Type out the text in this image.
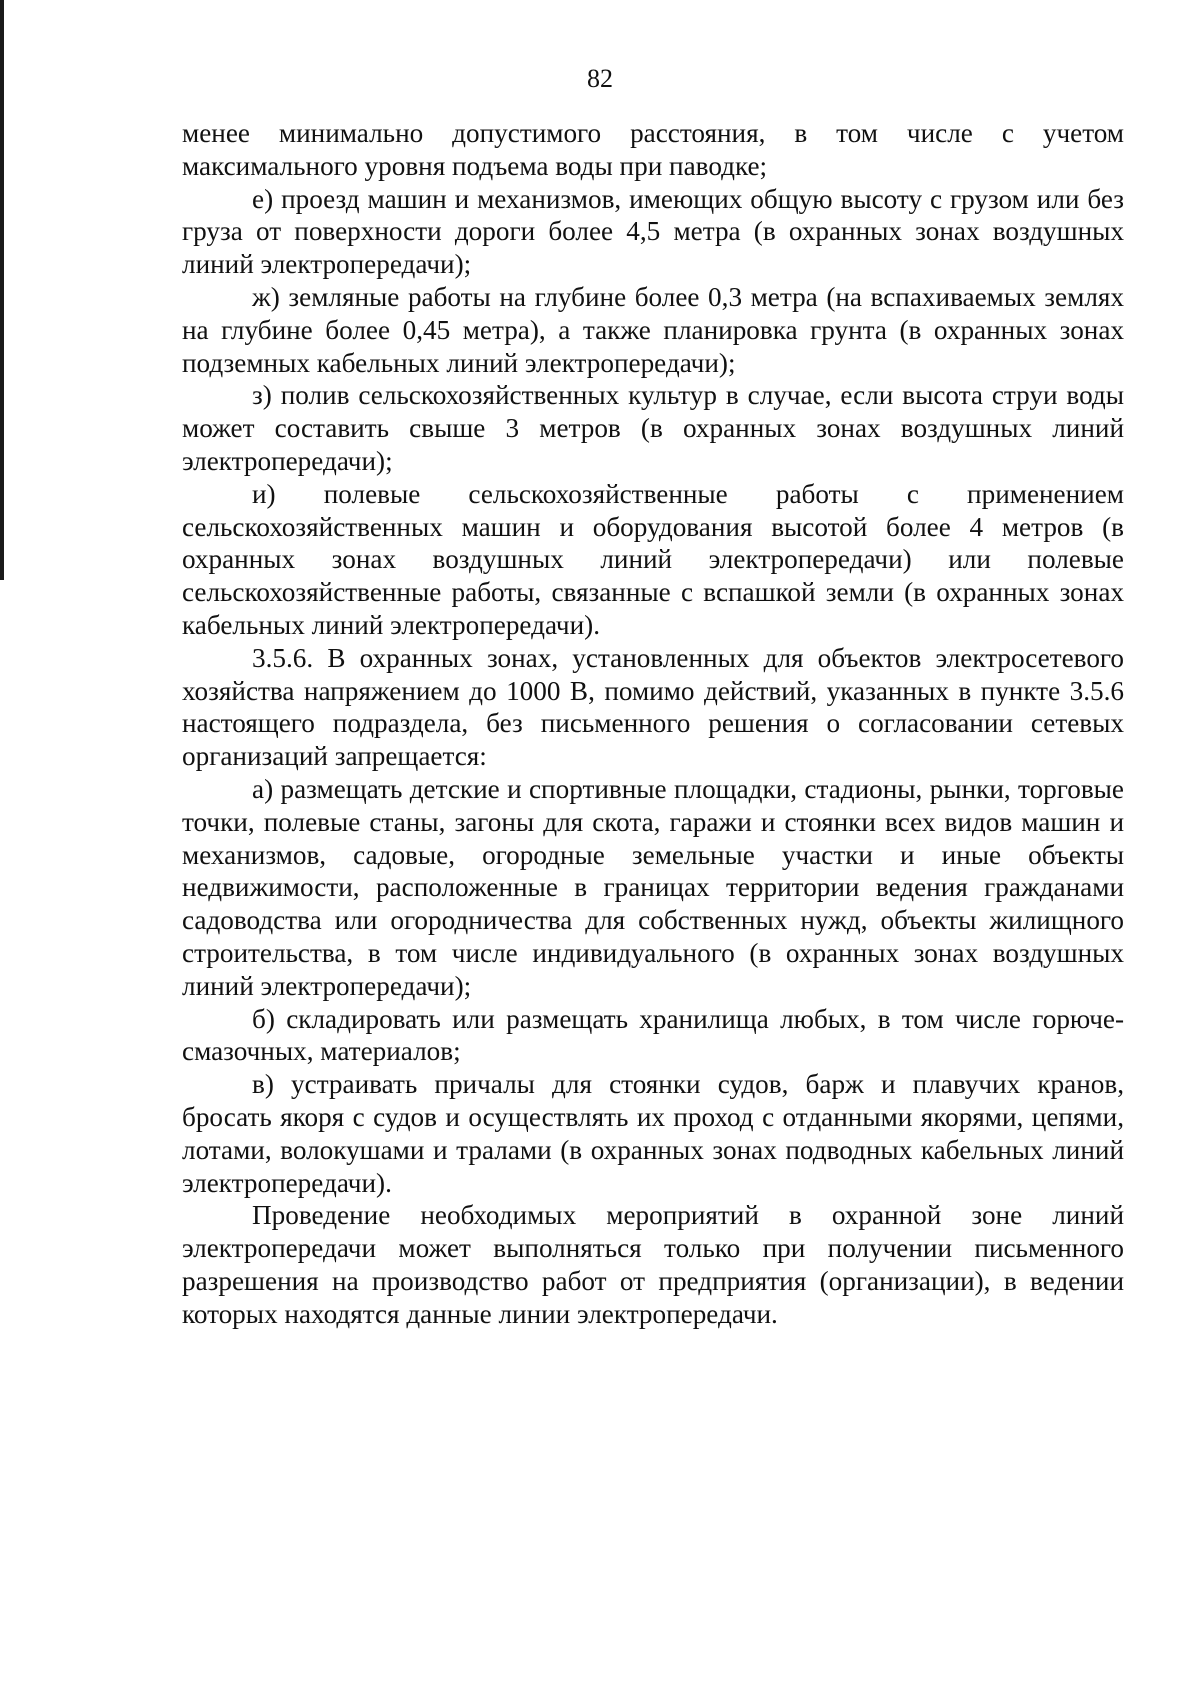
82

менее минимально допустимого расстояния, в том числе с учетом максимального уровня подъема воды при паводке;

е) проезд машин и механизмов, имеющих общую высоту с грузом или без груза от поверхности дороги более 4,5 метра (в охранных зонах воздушных линий электропередачи);

ж) земляные работы на глубине более 0,3 метра (на вспахиваемых землях на глубине более 0,45 метра), а также планировка грунта (в охранных зонах подземных кабельных линий электропередачи);

з) полив сельскохозяйственных культур в случае, если высота струи воды может составить свыше 3 метров (в охранных зонах воздушных линий электропередачи);

и) полевые сельскохозяйственные работы с применением сельскохозяйственных машин и оборудования высотой более 4 метров (в охранных зонах воздушных линий электропередачи) или полевые сельскохозяйственные работы, связанные с вспашкой земли (в охранных зонах кабельных линий электропередачи).

3.5.6. В охранных зонах, установленных для объектов электросетевого хозяйства напряжением до 1000 В, помимо действий, указанных в пункте 3.5.6 настоящего подраздела, без письменного решения о согласовании сетевых организаций запрещается:

а) размещать детские и спортивные площадки, стадионы, рынки, торговые точки, полевые станы, загоны для скота, гаражи и стоянки всех видов машин и механизмов, садовые, огородные земельные участки и иные объекты недвижимости, расположенные в границах территории ведения гражданами садоводства или огородничества для собственных нужд, объекты жилищного строительства, в том числе индивидуального (в охранных зонах воздушных линий электропередачи);

б) складировать или размещать хранилища любых, в том числе горюче-смазочных, материалов;

в) устраивать причалы для стоянки судов, барж и плавучих кранов, бросать якоря с судов и осуществлять их проход с отданными якорями, цепями, лотами, волокушами и тралами (в охранных зонах подводных кабельных линий электропередачи).

Проведение необходимых мероприятий в охранной зоне линий электропередачи может выполняться только при получении письменного разрешения на производство работ от предприятия (организации), в ведении которых находятся данные линии электропередачи.
